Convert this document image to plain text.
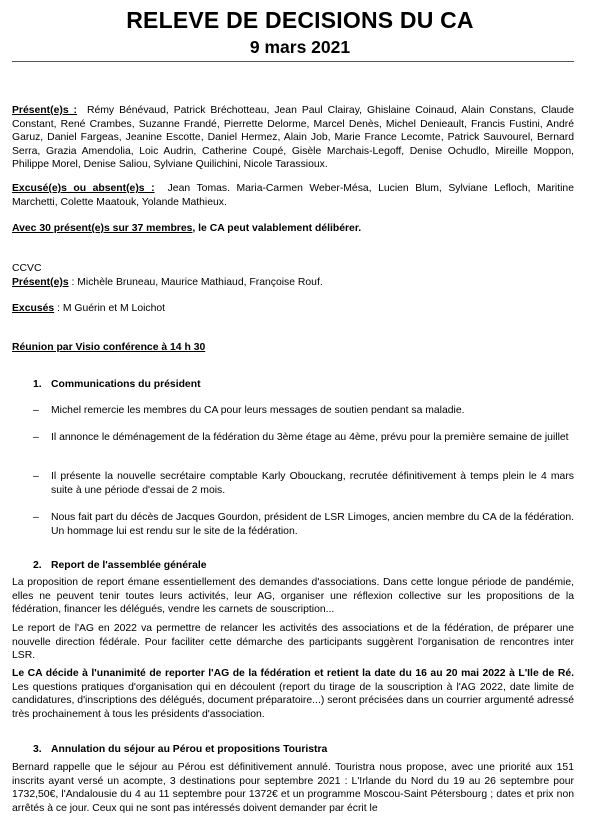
RELEVE DE DECISIONS DU CA
9 mars 2021
Présent(e)s : Rémy Bénévaud, Patrick Bréchotteau, Jean Paul Clairay, Ghislaine Coinaud, Alain Constans, Claude Constant, René Crambes, Suzanne Frandé, Pierrette Delorme, Marcel Denès, Michel Denieault, Francis Fustini, André Garuz, Daniel Fargeas, Jeanine Escotte, Daniel Hermez, Alain Job, Marie France Lecomte, Patrick Sauvourel, Bernard Serra, Grazia Amendolia, Loic Audrin, Catherine Coupé, Gisèle Marchais-Legoff, Denise Ochudlo, Mireille Moppon, Philippe Morel, Denise Saliou, Sylviane Quilichini, Nicole Tarassioux.
Excusé(e)s ou absent(e)s : Jean Tomas. Maria-Carmen Weber-Mésa, Lucien Blum, Sylviane Lefloch, Maritine Marchetti, Colette Maatouk, Yolande Mathieux.
Avec 30 présent(e)s sur 37 membres, le CA peut valablement délibérer.
CCVC
Présent(e)s : Michèle Bruneau, Maurice Mathiaud, Françoise Rouf.
Excusés : M Guérin et M Loichot
Réunion par Visio conférence à 14 h 30
1. Communications du président
– Michel remercie les membres du CA pour leurs messages de soutien pendant sa maladie.
– Il annonce le déménagement de la fédération du 3ème étage au 4ème, prévu pour la première semaine de juillet
– Il présente la nouvelle secrétaire comptable Karly Obouckang, recrutée définitivement à temps plein le 4 mars suite à une période d'essai de 2 mois.
– Nous fait part du décès de Jacques Gourdon, président de LSR Limoges, ancien membre du CA de la fédération. Un hommage lui est rendu sur le site de la fédération.
2. Report de l'assemblée générale
La proposition de report émane essentiellement des demandes d'associations. Dans cette longue période de pandémie, elles ne peuvent tenir toutes leurs activités, leur AG, organiser une réflexion collective sur les propositions de la fédération, financer les délégués, vendre les carnets de souscription...
Le report de l'AG en 2022 va permettre de relancer les activités des associations et de la fédération, de préparer une nouvelle direction fédérale. Pour faciliter cette démarche des participants suggèrent l'organisation de rencontres inter LSR.
Le CA décide à l'unanimité de reporter l'AG de la fédération et retient la date du 16 au 20 mai 2022 à L'Ile de Ré. Les questions pratiques d'organisation qui en découlent (report du tirage de la souscription à l'AG 2022, date limite de candidatures, d'inscriptions des délégués, document préparatoire...) seront précisées dans un courrier argumenté adressé très prochainement à tous les présidents d'association.
3. Annulation du séjour au Pérou et propositions Touristra
Bernard rappelle que le séjour au Pérou est définitivement annulé. Touristra nous propose, avec une priorité aux 151 inscrits ayant versé un acompte, 3 destinations pour septembre 2021 : L'Irlande du Nord du 19 au 26 septembre pour 1732,50€, l'Andalousie du 4 au 11 septembre pour 1372€ et un programme Moscou-Saint Pétersbourg ; dates et prix non arrêtés à ce jour. Ceux qui ne sont pas intéressés doivent demander par écrit le
